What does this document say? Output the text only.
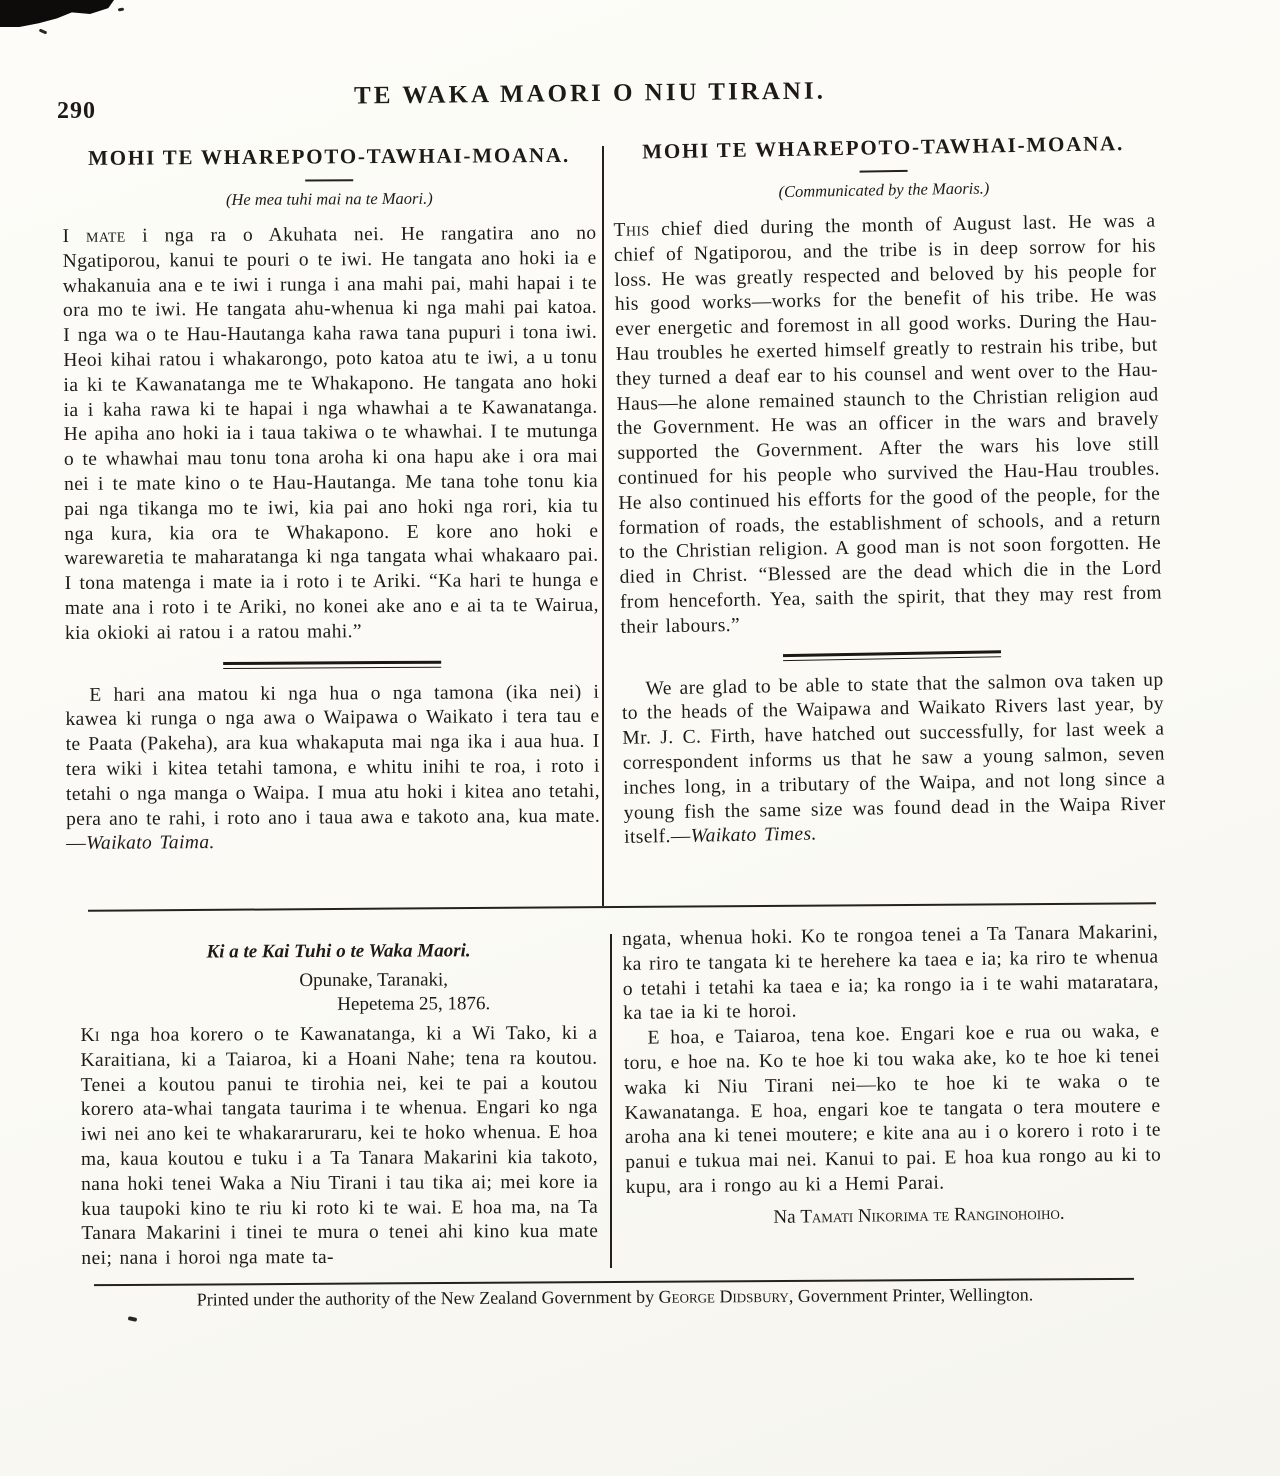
290
TE WAKA MAORI O NIU TIRANI.
MOHI TE WHAREPOTO-TAWHAI-MOANA.
(He mea tuhi mai na te Maori.)

I mate i nga ra o Akuhata nei. He rangatira ano no Ngatiporou, kanui te pouri o te iwi. He tangata ano hoki ia e whakanuia ana e te iwi i runga i ana mahi pai, mahi hapai i te ora mo te iwi. He tangata ahu-whenua ki nga mahi pai katoa. I nga wa o te Hau-Hautanga kaha rawa tana pupuri i tona iwi. Heoi kihai ratou i whakarongo, poto katoa atu te iwi, a u tonu ia ki te Kawanatanga me te Whakapono. He tangata ano hoki ia i kaha rawa ki te hapai i nga whawhai a te Kawanatanga. He apiha ano hoki ia i taua takiwa o te whawhai. I te mutunga o te whawhai mau tonu tona aroha ki ona hapu ake i ora mai nei i te mate kino o te Hau-Hautanga. Me tana tohe tonu kia pai nga tikanga mo te iwi, kia pai ano hoki nga rori, kia tu nga kura, kia ora te Whakapono. E kore ano hoki e warewaretia te maharatanga ki nga tangata whai whakaaro pai. I tona matenga i mate ia i roto i te Ariki. “Ka hari te hunga e mate ana i roto i te Ariki, no konei ake ano e ai ta te Wairua, kia okioki ai ratou i a ratou mahi.”

E hari ana matou ki nga hua o nga tamona (ika nei) i kawea ki runga o nga awa o Waipawa o Waikato i tera tau e te Paata (Pakeha), ara kua whakaputa mai nga ika i aua hua. I tera wiki i kitea tetahi tamona, e whitu inihi te roa, i roto i tetahi o nga manga o Waipa. I mua atu hoki i kitea ano tetahi, pera ano te rahi, i roto ano i taua awa e takoto ana, kua mate.—Waikato Taima.

MOHI TE WHAREPOTO-TAWHAI-MOANA.
(Communicated by the Maoris.)

This chief died during the month of August last. He was a chief of Ngatiporou, and the tribe is in deep sorrow for his loss. He was greatly respected and beloved by his people for his good works—works for the benefit of his tribe. He was ever energetic and foremost in all good works. During the Hau-Hau troubles he exerted himself greatly to restrain his tribe, but they turned a deaf ear to his counsel and went over to the Hau-Haus—he alone remained staunch to the Christian religion aud the Government. He was an officer in the wars and bravely supported the Government. After the wars his love still continued for his people who survived the Hau-Hau troubles. He also continued his efforts for the good of the people, for the formation of roads, the establishment of schools, and a return to the Christian religion. A good man is not soon forgotten. He died in Christ. “Blessed are the dead which die in the Lord from henceforth. Yea, saith the spirit, that they may rest from their labours.”

We are glad to be able to state that the salmon ova taken up to the heads of the Waipawa and Waikato Rivers last year, by Mr. J. C. Firth, have hatched out successfully, for last week a correspondent informs us that he saw a young salmon, seven inches long, in a tributary of the Waipa, and not long since a young fish the same size was found dead in the Waipa River itself.—Waikato Times.

Ki a te Kai Tuhi o te Waka Maori.
Opunake, Taranaki,
Hepetema 25, 1876.

Ki nga hoa korero o te Kawanatanga, ki a Wi Tako, ki a Karaitiana, ki a Taiaroa, ki a Hoani Nahe; tena ra koutou. Tenei a koutou panui te tirohia nei, kei te pai a koutou korero ata-whai tangata taurima i te whenua. Engari ko nga iwi nei ano kei te whakararuraru, kei te hoko whenua. E hoa ma, kaua koutou e tuku i a Ta Tanara Makarini kia takoto, nana hoki tenei Waka a Niu Tirani i tau tika ai; mei kore ia kua taupoki kino te riu ki roto ki te wai. E hoa ma, na Ta Tanara Makarini i tinei te mura o tenei ahi kino kua mate nei; nana i horoi nga mate ta-

ngata, whenua hoki. Ko te rongoa tenei a Ta Tanara Makarini, ka riro te tangata ki te herehere ka taea e ia; ka riro te whenua o tetahi i tetahi ka taea e ia; ka rongo ia i te wahi mataratara, ka tae ia ki te horoi.

E hoa, e Taiaroa, tena koe. Engari koe e rua ou waka, e toru, e hoe na. Ko te hoe ki tou waka ake, ko te hoe ki tenei waka ki Niu Tirani nei—ko te hoe ki te waka o te Kawanatanga. E hoa, engari koe te tangata o tera moutere e aroha ana ki tenei moutere; e kite ana au i o korero i roto i te panui e tukua mai nei. Kanui to pai. E hoa kua rongo au ki to kupu, ara i rongo au ki a Hemi Parai.

Na Tamati Nikorima te Ranginohoiho.

Printed under the authority of the New Zealand Government by George Didsbury, Government Printer, Wellington.
